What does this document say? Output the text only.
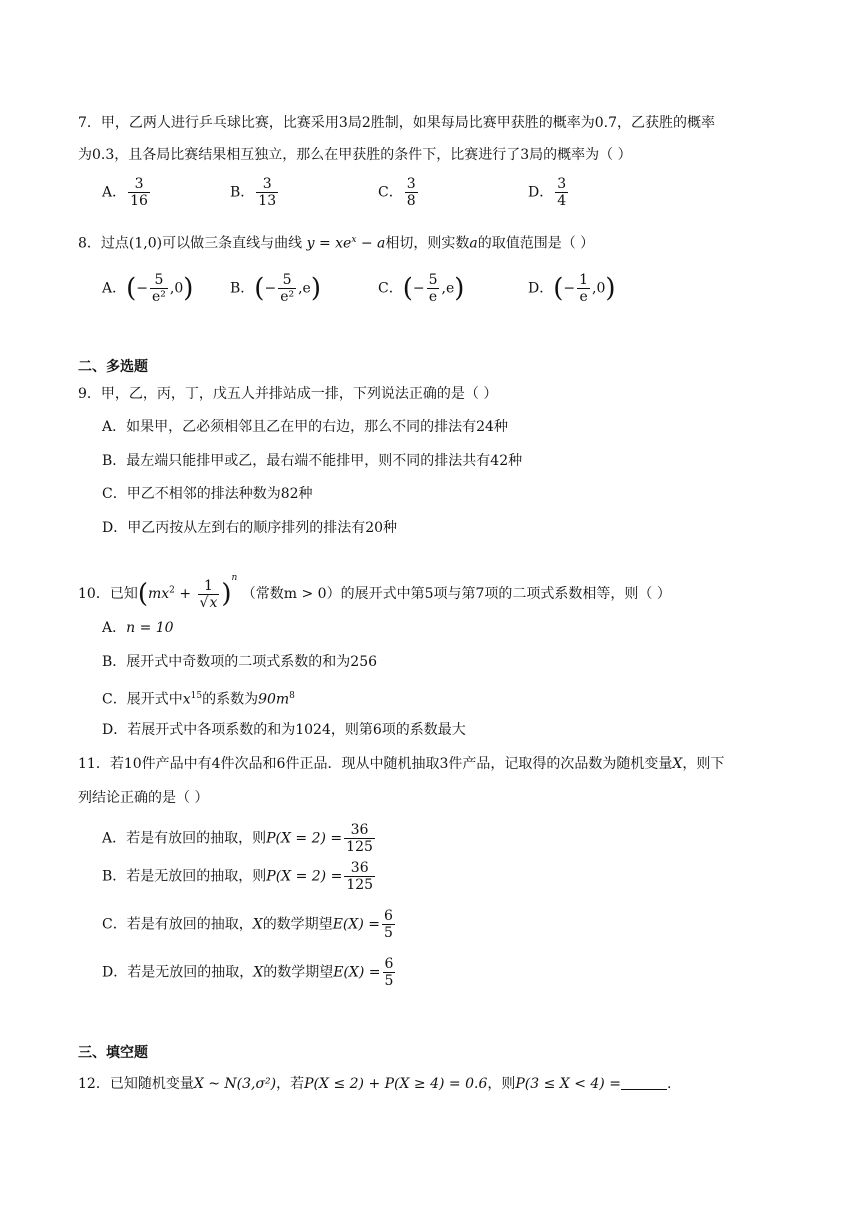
7．甲，乙两人进行乒乓球比赛，比赛采用3局2胜制，如果每局比赛甲获胜的概率为0.7，乙获胜的概率
为0.3，且各局比赛结果相互独立，那么在甲获胜的条件下，比赛进行了3局的概率为（ ）
A． $\frac{3}{16}$	B． $\frac{3}{13}$	C． $\frac{3}{8}$	D． $\frac{3}{4}$
8．过点(1,0)可以做三条直线与曲线 $y = xe^x - a$相切，则实数a的取值范围是（ ）
A．(− $\frac{5}{\text{e²}} ,0$)	B．(− $\frac{5}{\text{e²}} ,e$)	C．(− $\frac{5}{e} ,e$)	D．(− $\frac{1}{e} ,0$)
二、多选题
9．甲，乙，丙，丁，戊五人并排站成一排，下列说法正确的是（ ）
A．如果甲，乙必须相邻且乙在甲的右边，那么不同的排法有24种
B．最左端只能排甲或乙，最右端不能排甲，则不同的排法共有42种
C．甲乙不相邻的排法种数为82种
D．甲乙丙按从左到右的顺序排列的排法有20种
10．已知$(mx^2 + \frac{1}{√x} )^n$ （常数m > 0）的展开式中第5项与第7项的二项式系数相等，则（ ）
A．n = 10
B．展开式中奇数项的二项式系数的和为256
C．展开式中$x^{15}$的系数为$90m^8$
D．若展开式中各项系数的和为1024，则第6项的系数最大
11．若10件产品中有4件次品和6件正品．现从中随机抽取3件产品，记取得的次品数为随机变量X，则下
列结论正确的是（ ）
A．若是有放回的抽取，则$P(X = 2) = \frac{36}{125}$
B．若是无放回的抽取，则$P(X = 2) = \frac{36}{125}$
C．若是有放回的抽取，X的数学期望$E(X) = \frac{6}{5}$
D．若是无放回的抽取，X的数学期望$E(X) = \frac{6}{5}$
三、填空题
12．已知随机变量X ~ N(3,σ²)，若P(X ≤ 2) + P(X ≥ 4) = 0.6，则P(3 ≤ X < 4) =	.
